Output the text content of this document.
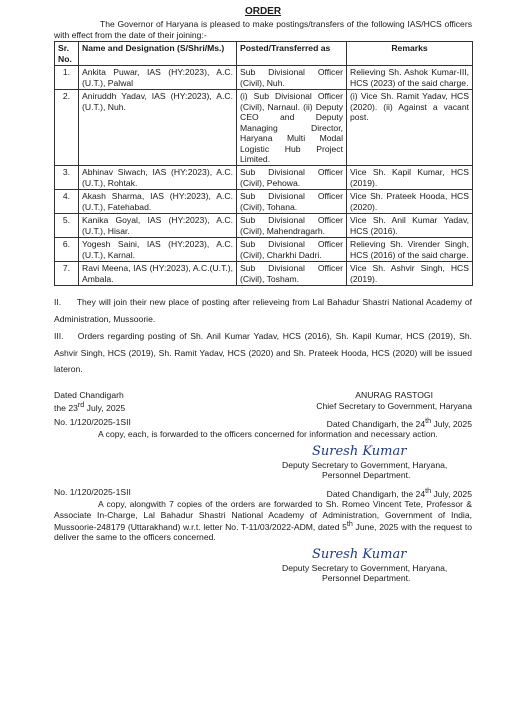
ORDER

The Governor of Haryana is pleased to make postings/transfers of the following IAS/HCS officers with effect from the date of their joining:-

Sr. No.	Name and Designation (S/Shri/Ms.)	Posted/Transferred as	Remarks
1.	Ankita Puwar, IAS (HY:2023), A.C.(U.T.), Palwal	Sub Divisional Officer (Civil), Nuh.	Relieving Sh. Ashok Kumar-III, HCS (2023) of the said charge.
2.	Aniruddh Yadav, IAS (HY:2023), A.C.(U.T.), Nuh.	(i) Sub Divisional Officer (Civil), Narnaul. (ii) Deputy CEO and Deputy Managing Director, Haryana Multi Modal Logistic Hub Project Limited.	(i) Vice Sh. Ramit Yadav, HCS (2020). (ii) Against a vacant post.
3.	Abhinav Siwach, IAS (HY:2023), A.C.(U.T.), Rohtak.	Sub Divisional Officer (Civil), Pehowa.	Vice Sh. Kapil Kumar, HCS (2019).
4.	Akash Sharma, IAS (HY:2023), A.C.(U.T.), Fatehabad.	Sub Divisional Officer (Civil), Tohana.	Vice Sh. Prateek Hooda, HCS (2020).
5.	Kanika Goyal, IAS (HY:2023), A.C.(U.T.), Hisar.	Sub Divisional Officer (Civil), Mahendragarh.	Vice Sh. Anil Kumar Yadav, HCS (2016).
6.	Yogesh Saini, IAS (HY:2023), A.C.(U.T.), Karnal.	Sub Divisional Officer (Civil), Charkhi Dadri.	Relieving Sh. Virender Singh, HCS (2016) of the said charge.
7.	Ravi Meena, IAS (HY:2023), A.C.(U.T.), Ambala.	Sub Divisional Officer (Civil), Tosham.	Vice Sh. Ashvir Singh, HCS (2019).

II. They will join their new place of posting after relieveing from Lal Bahadur Shastri National Academy of Administration, Mussoorie.

III. Orders regarding posting of Sh. Anil Kumar Yadav, HCS (2016), Sh. Kapil Kumar, HCS (2019), Sh. Ashvir Singh, HCS (2019), Sh. Ramit Yadav, HCS (2020) and Sh. Prateek Hooda, HCS (2020) will be issued lateron.

Dated Chandigarh
the 23rd July, 2025
ANURAG RASTOGI
Chief Secretary to Government, Haryana
No. 1/120/2025-1SII	Dated Chandigarh, the 24th July, 2025

A copy, each, is forwarded to the officers concerned for information and necessary action.

Suresh Kumar
Deputy Secretary to Government, Haryana,
Personnel Department.
No. 1/120/2025-1SII	Dated Chandigarh, the 24th July, 2025

A copy, alongwith 7 copies of the orders are forwarded to Sh. Romeo Vincent Tete, Professor & Associate In-Charge, Lal Bahadur Shastri National Academy of Administration, Government of India, Mussoorie-248179 (Uttarakhand) w.r.t. letter No. T-11/03/2022-ADM, dated 5th June, 2025 with the request to deliver the same to the officers concerned.

Suresh Kumar
Deputy Secretary to Government, Haryana,
Personnel Department.
